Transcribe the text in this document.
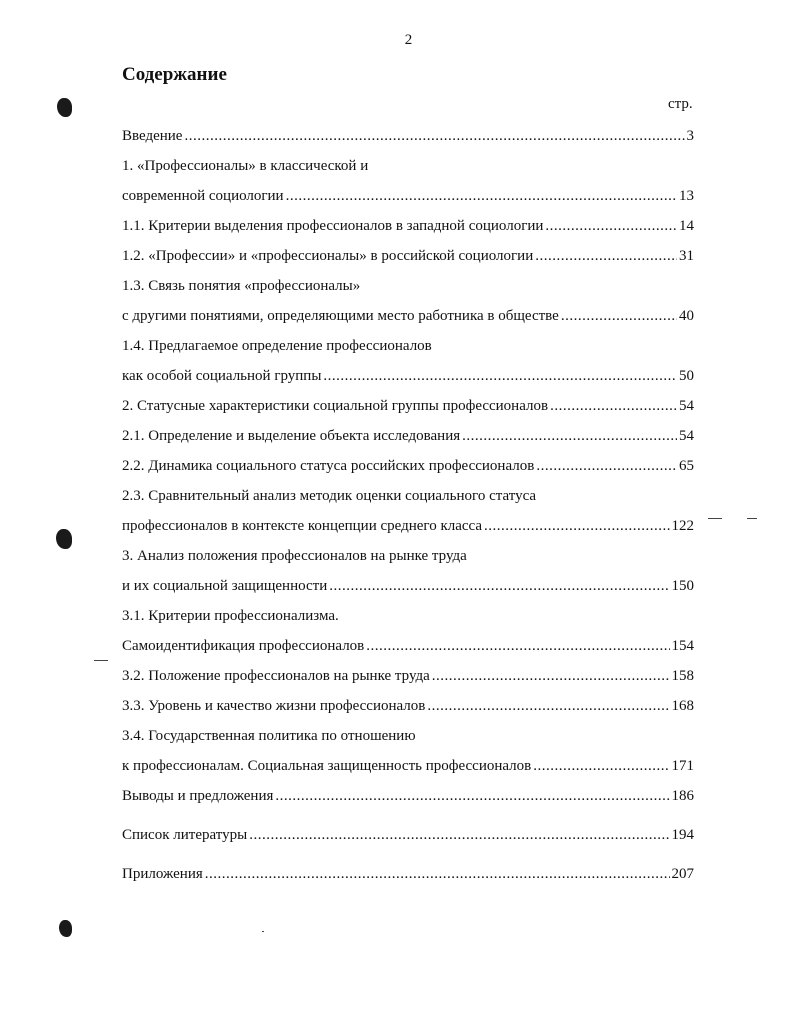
2
Содержание
стр.
Введение .....	3
1. «Профессионалы» в классической и
современной социологии .....	13
1.1. Критерии выделения профессионалов в западной социологии .....	14
1.2. «Профессии» и «профессионалы» в российской социологии .....	31
1.3. Связь понятия «профессионалы»
с другими понятиями, определяющими место работника в обществе .....	40
1.4. Предлагаемое определение профессионалов
как особой социальной группы .....	50
2. Статусные характеристики социальной группы профессионалов .....	54
2.1. Определение и выделение объекта исследования .....	54
2.2. Динамика социального статуса российских профессионалов .....	65
2.3. Сравнительный анализ методик оценки социального статуса
профессионалов в контексте концепции среднего класса .....	122
3. Анализ положения профессионалов на рынке труда
и их социальной защищенности .....	150
3.1. Критерии профессионализма.
Самоидентификация профессионалов .....	154
3.2. Положение профессионалов на рынке труда .....	158
3.3. Уровень и качество жизни профессионалов .....	168
3.4. Государственная политика по отношению
к профессионалам. Социальная защищенность профессионалов .....	171
Выводы и предложения .....	186
Список литературы .....	194
Приложения .....	207
